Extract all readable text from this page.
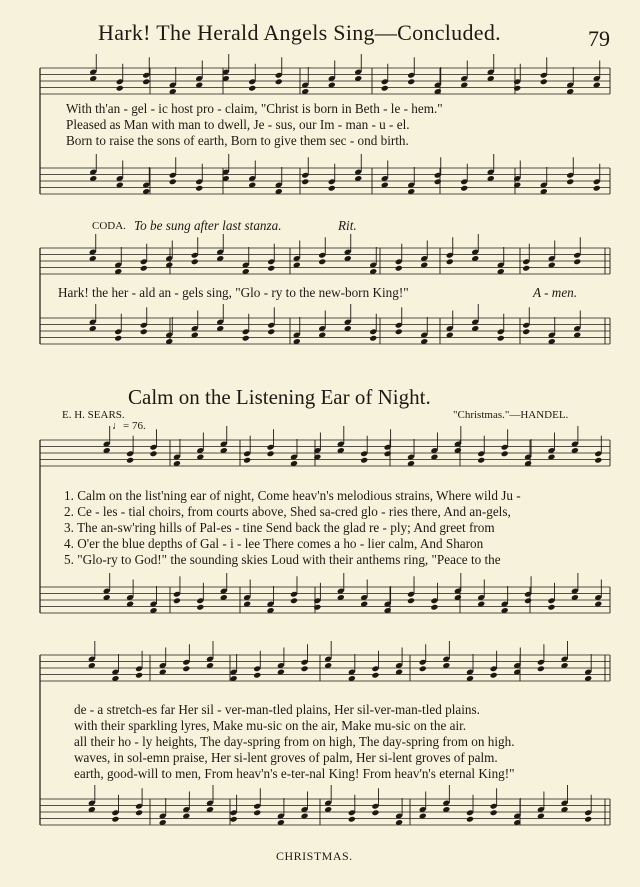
Hark! The Herald Angels Sing—Concluded.	79
With th'an - gel - ic host pro - claim, "Christ is born in Beth - le - hem."
Pleased as Man with man to dwell, Je - sus, our Im - man - u - el.
Born to raise the sons of earth, Born to give them sec - ond birth.
CODA. To be sung after last stanza.	Rit.
Hark! the her - ald an - gels sing, "Glo - ry to the new-born King!"	A - men.
Calm on the Listening Ear of Night.
E. H. SEARS.	"Christmas."—HANDEL.
♩= 76.
1. Calm on the list'ning ear of night, Come heav'n's melodious strains, Where wild Ju -
2. Ce - les - tial choirs, from courts above, Shed sa-cred glo - ries there, And an-gels,
3. The an-sw'ring hills of Pal-es - tine Send back the glad re - ply; And greet from
4. O'er the blue depths of Gal - i - lee There comes a ho - lier calm, And Sharon
5. "Glo-ry to God!" the sounding skies Loud with their anthems ring, "Peace to the
de - a stretch-es far Her sil - ver-man-tled plains, Her sil-ver-man-tled plains.
with their sparkling lyres, Make mu-sic on the air, Make mu-sic on the air.
all their ho - ly heights, The day-spring from on high, The day-spring from on high.
waves, in sol-emn praise, Her si-lent groves of palm, Her si-lent groves of palm.
earth, good-will to men, From heav'n's e-ter-nal King! From heav'n's eternal King!"
CHRISTMAS.
